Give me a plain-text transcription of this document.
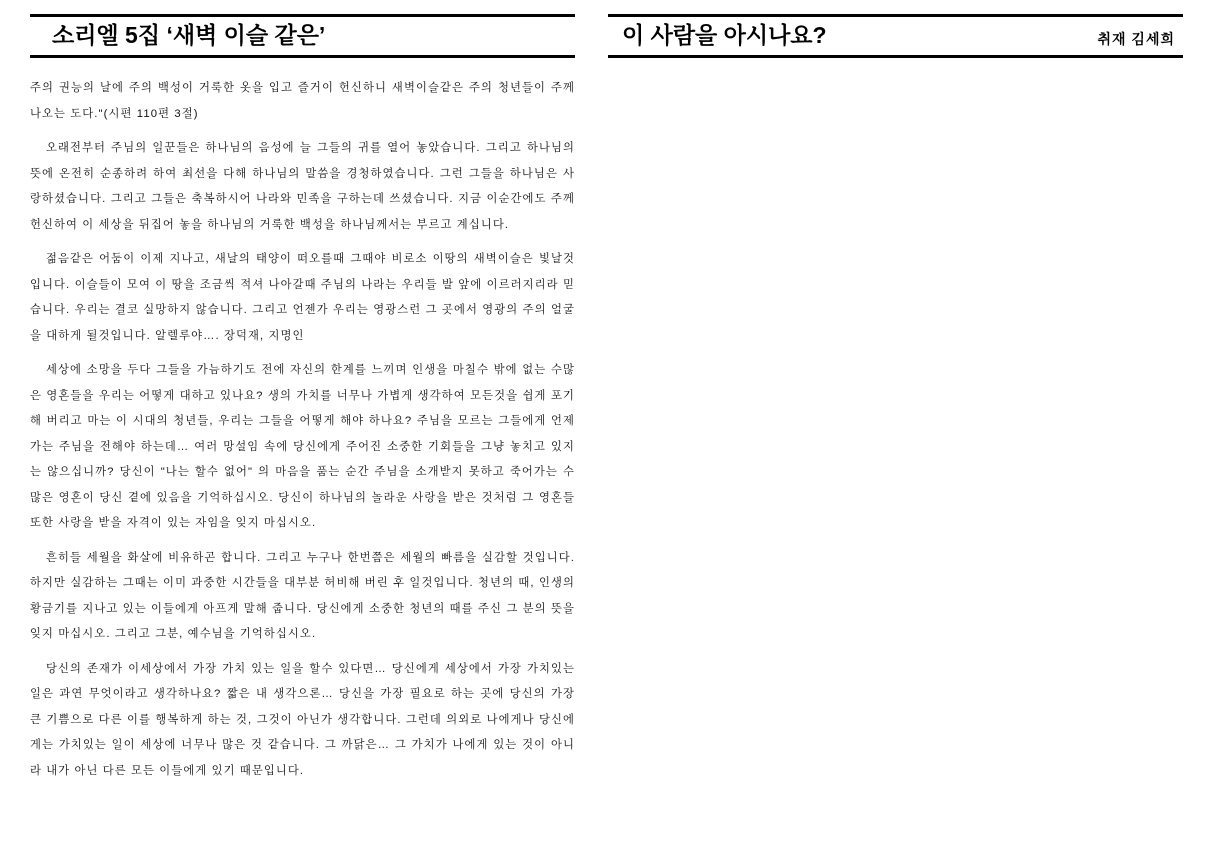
소리엘 5집 ‘새벽 이슬 같은’

주의 권능의 날에 주의 백성이 거룩한 옷을 입고 즐거이 헌신하니 새벽이슬같은 주의 청년들이 주께 나오는 도다."(시편 110편 3절)

오래전부터 주님의 일꾼들은 하나님의 음성에 늘 그들의 귀를 열어 놓았습니다. 그리고 하나님의 뜻에 온전히 순종하려 하여 최선을 다해 하나님의 말씀을 경청하였습니다. 그런 그들을 하나님은 사랑하셨습니다. 그리고 그들은 축복하시어 나라와 민족을 구하는데 쓰셨습니다. 지금 이순간에도 주께 헌신하여 이 세상을 뒤집어 놓을 하나님의 거룩한 백성을 하나님께서는 부르고 계십니다.

젊음같은 어둠이 이제 지나고, 새날의 태양이 떠오를때 그때야 비로소 이땅의 새벽이슬은 빛날것입니다. 이슬들이 모여 이 땅을 조금씩 적셔 나아갈때 주님의 나라는 우리들 발 앞에 이르러지리라 믿습니다. 우리는 결코 실망하지 않습니다. 그리고 언젠가 우리는 영광스런 그 곳에서 영광의 주의 얼굴을 대하게 될것입니다. 알렐루야…. 장덕재, 지명인

세상에 소망을 두다 그들을 가늠하기도 전에 자신의 한계를 느끼며 인생을 마칠수 밖에 없는 수많은 영혼들을 우리는 어떻게 대하고 있나요? 생의 가치를 너무나 가볍게 생각하여 모든것을 쉽게 포기해 버리고 마는 이 시대의 청년들, 우리는 그들을 어떻게 해야 하나요? 주님을 모르는 그들에게 언제가는 주님을 전해야 하는데… 여러 망설임 속에 당신에게 주어진 소중한 기회들을 그냥 놓치고 있지는 않으십니까? 당신이 "나는 할수 없어" 의 마음을 품는 순간 주님을 소개받지 못하고 죽어가는 수많은 영혼이 당신 곁에 있음을 기억하십시오. 당신이 하나님의 놀라운 사랑을 받은 것처럼 그 영혼들 또한 사랑을 받을 자격이 있는 자임을 잊지 마십시오.

흔히들 세월을 화살에 비유하곤 합니다. 그리고 누구나 한번쯤은 세월의 빠름을 실감할 것입니다. 하지만 실감하는 그때는 이미 과중한 시간들을 대부분 허비해 버린 후 일것입니다. 청년의 때, 인생의 황금기를 지나고 있는 이들에게 아프게 말해 줍니다. 당신에게 소중한 청년의 때를 주신 그 분의 뜻을 잊지 마십시오. 그리고 그분, 예수님을 기억하십시오.

당신의 존재가 이세상에서 가장 가치 있는 일을 할수 있다면… 당신에게 세상에서 가장 가치있는 일은 과연 무엇이라고 생각하나요? 짧은 내 생각으론… 당신을 가장 필요로 하는 곳에 당신의 가장 큰 기쁨으로 다른 이를 행복하게 하는 것, 그것이 아닌가 생각합니다. 그런데 의외로 나에게나 당신에게는 가치있는 일이 세상에 너무나 많은 것 같습니다. 그 까닭은… 그 가치가 나에게 있는 것이 아니라 내가 아닌 다른 모든 이들에게 있기 때문입니다.

이 사람을 아시나요?	취재 김세희
